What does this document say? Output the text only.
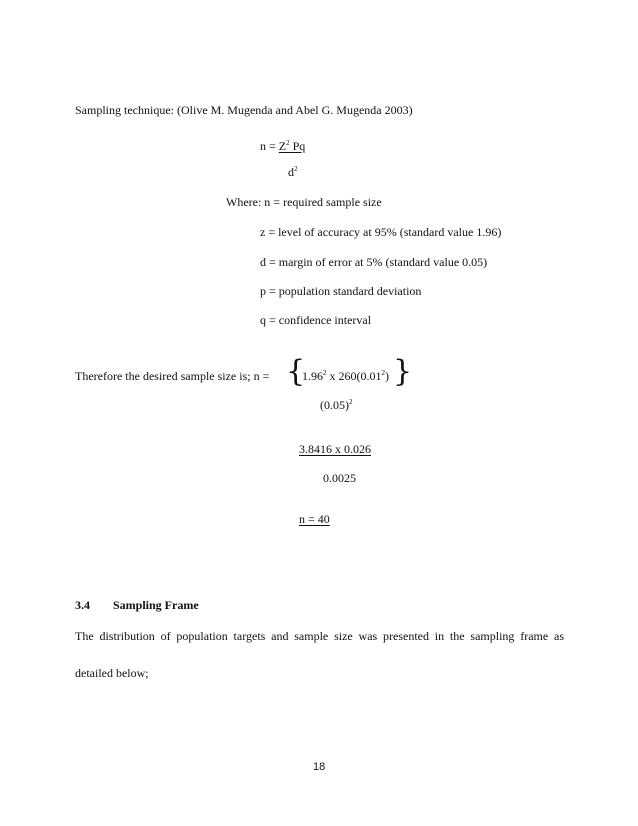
Sampling technique: (Olive M. Mugenda and Abel G. Mugenda 2003)
$n = Z^2$ Pq
$d^2$
Where: n = required sample size
z = level of accuracy at 95% (standard value 1.96)
d = margin of error at 5% (standard value 0.05)
p = population standard deviation
q = confidence interval
Therefore the desired sample size is; n = {
1.96$^2$ x 260(0.01$^2$) }
$(0.05)^2$
3.8416 x 0.026
0.0025
n = 40
3.4 Sampling Frame
The distribution of population targets and sample size was presented in the sampling frame as
detailed below;
18
